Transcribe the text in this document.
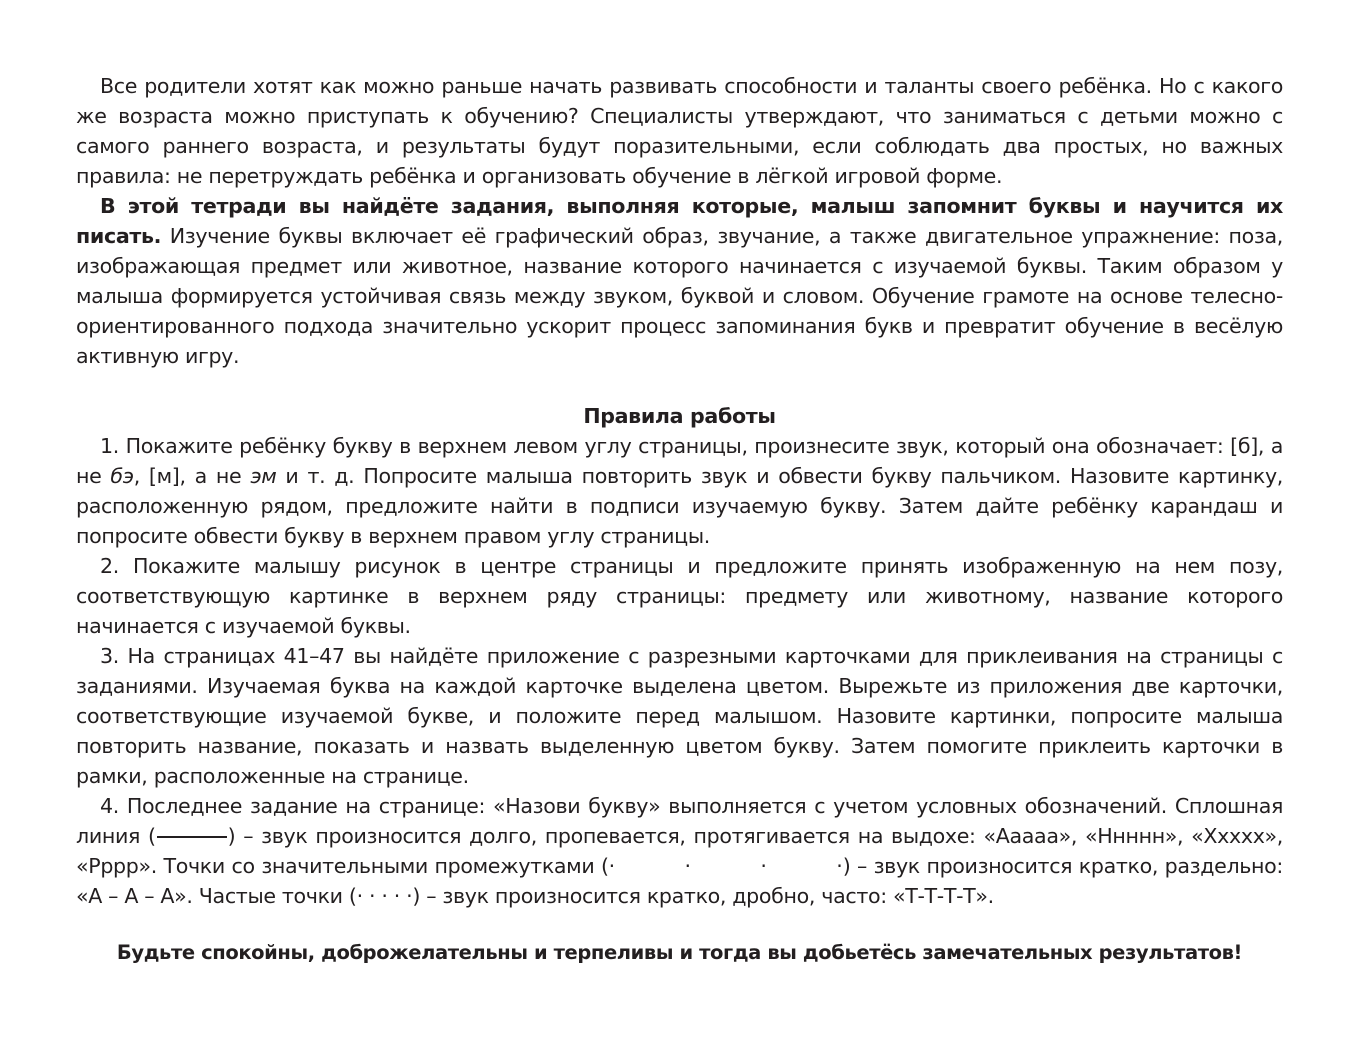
Все родители хотят как можно раньше начать развивать способности и таланты своего ребёнка. Но с какого же возраста можно приступать к обучению? Специалисты утверждают, что заниматься с детьми можно с самого раннего возраста, и результаты будут поразительными, если соблюдать два простых, но важных правила: не перетруждать ребёнка и организовать обучение в лёгкой игровой форме.

В этой тетради вы найдёте задания, выполняя которые, малыш запомнит буквы и научится их писать. Изучение буквы включает её графический образ, звучание, а также двигательное упражнение: поза, изображающая предмет или животное, название которого начинается с изучаемой буквы. Таким образом у малыша формируется устойчивая связь между звуком, буквой и словом. Обучение грамоте на основе телесно-ориентированного подхода значительно ускорит процесс запоминания букв и превратит обучение в весёлую активную игру.

Правила работы

1. Покажите ребёнку букву в верхнем левом углу страницы, произнесите звук, который она обозначает: [б], а не бэ, [м], а не эм и т. д. Попросите малыша повторить звук и обвести букву пальчиком. Назовите картинку, расположенную рядом, предложите найти в подписи изучаемую букву. Затем дайте ребёнку карандаш и попросите обвести букву в верхнем правом углу страницы.

2. Покажите малышу рисунок в центре страницы и предложите принять изображенную на нем позу, соответствующую картинке в верхнем ряду страницы: предмету или животному, название которого начинается с изучаемой буквы.

3. На страницах 41–47 вы найдёте приложение с разрезными карточками для приклеивания на страницы с заданиями. Изучаемая буква на каждой карточке выделена цветом. Вырежьте из приложения две карточки, соответствующие изучаемой букве, и положите перед малышом. Назовите картинки, попросите малыша повторить название, показать и назвать выделенную цветом букву. Затем помогите приклеить карточки в рамки, расположенные на странице.

4. Последнее задание на странице: «Назови букву» выполняется с учетом условных обозначений. Сплошная линия (	) – звук произносится долго, пропевается, протягивается на выдохе: «Ааааа», «Ннннн», «Ххххх», «Рррр». Точки со значительными промежутками (·          ·          ·          ·) – звук произносится кратко, раздельно: «А – А – А». Частые точки (· · · · ·) – звук произносится кратко, дробно, часто: «Т-Т-Т-Т».

Будьте спокойны, доброжелательны и терпеливы и тогда вы добьетёсь замечательных результатов!
